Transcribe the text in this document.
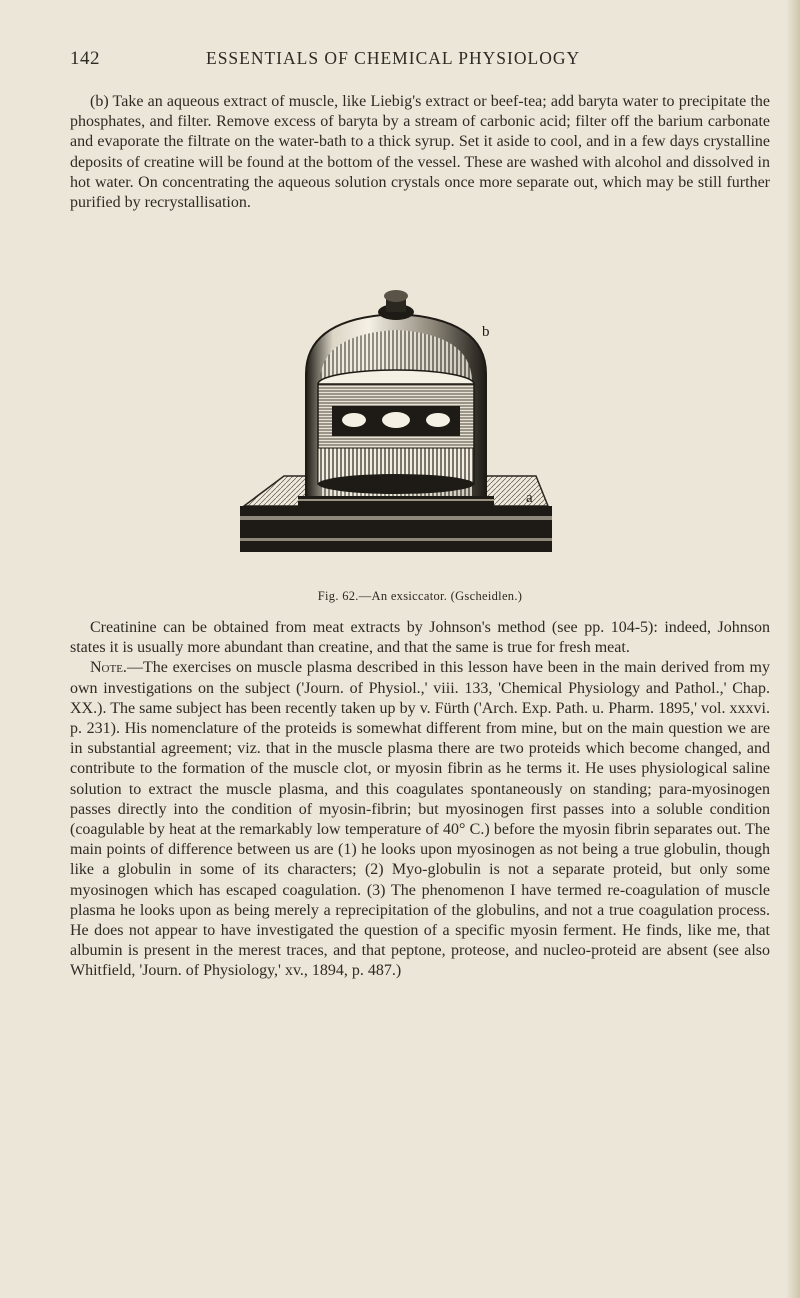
142	ESSENTIALS OF CHEMICAL PHYSIOLOGY

(b) Take an aqueous extract of muscle, like Liebig's extract or beef-tea; add baryta water to precipitate the phosphates, and filter. Remove excess of baryta by a stream of carbonic acid; filter off the barium carbonate and evaporate the filtrate on the water-bath to a thick syrup. Set it aside to cool, and in a few days crystalline deposits of creatine will be found at the bottom of the vessel. These are washed with alcohol and dissolved in hot water. On concentrating the aqueous solution crystals once more separate out, which may be still further purified by recrystallisation.

b
a
Fig. 62.—An exsiccator. (Gscheidlen.)

Creatinine can be obtained from meat extracts by Johnson's method (see pp. 104-5): indeed, Johnson states it is usually more abundant than creatine, and that the same is true for fresh meat.

Note.—The exercises on muscle plasma described in this lesson have been in the main derived from my own investigations on the subject ('Journ. of Physiol.,' viii. 133, 'Chemical Physiology and Pathol.,' Chap. XX.). The same subject has been recently taken up by v. Fürth ('Arch. Exp. Path. u. Pharm. 1895,' vol. xxxvi. p. 231). His nomenclature of the proteids is somewhat different from mine, but on the main question we are in substantial agreement; viz. that in the muscle plasma there are two proteids which become changed, and contribute to the formation of the muscle clot, or myosin fibrin as he terms it. He uses physiological saline solution to extract the muscle plasma, and this coagulates spontaneously on standing; para-myosinogen passes directly into the condition of myosin-fibrin; but myosinogen first passes into a soluble condition (coagulable by heat at the remarkably low temperature of 40° C.) before the myosin fibrin separates out. The main points of difference between us are (1) he looks upon myosinogen as not being a true globulin, though like a globulin in some of its characters; (2) Myo-globulin is not a separate proteid, but only some myosinogen which has escaped coagulation. (3) The phenomenon I have termed re-coagulation of muscle plasma he looks upon as being merely a reprecipitation of the globulins, and not a true coagulation process. He does not appear to have investigated the question of a specific myosin ferment. He finds, like me, that albumin is present in the merest traces, and that peptone, proteose, and nucleo-proteid are absent (see also Whitfield, 'Journ. of Physiology,' xv., 1894, p. 487.)
